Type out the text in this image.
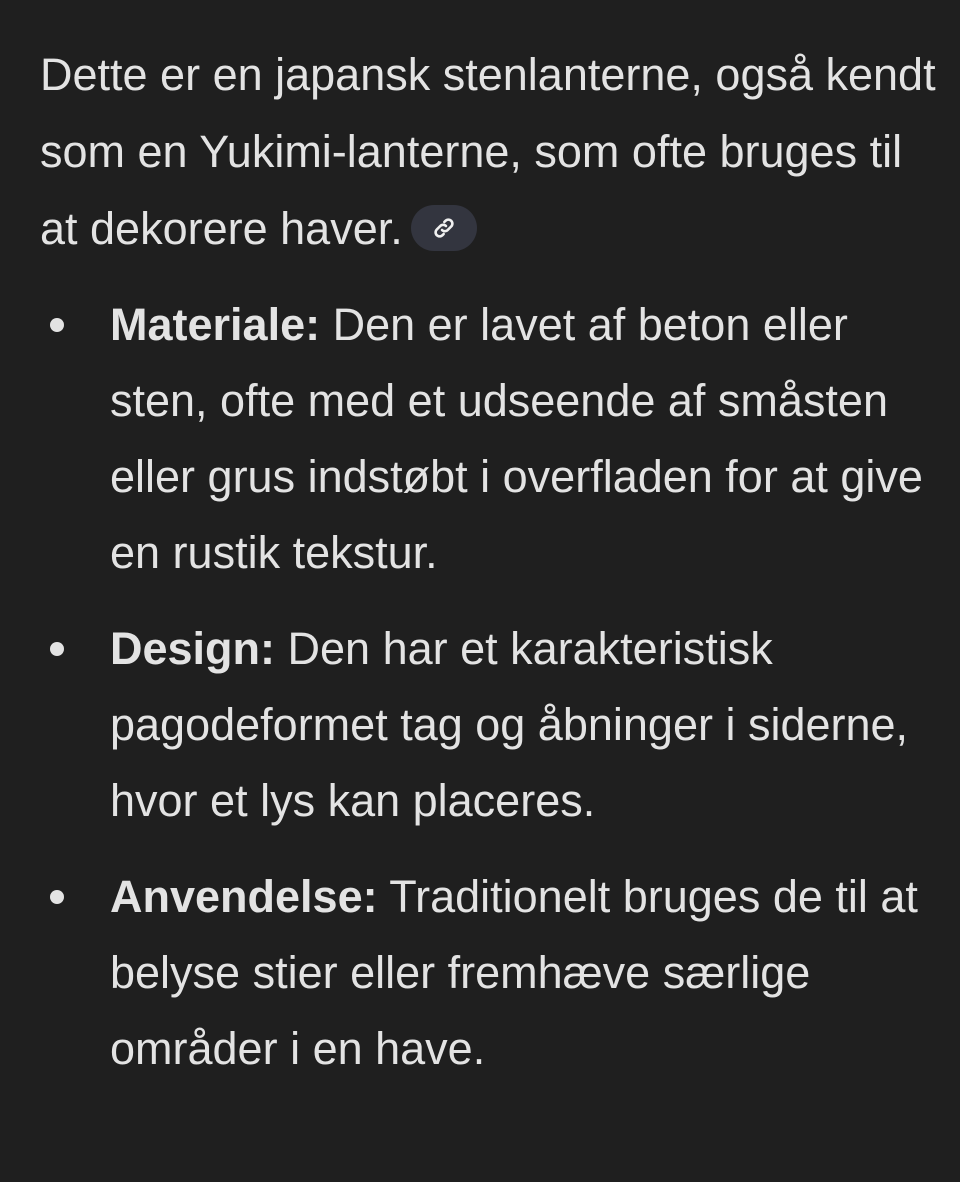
Dette er en japansk stenlanterne, også kendt som en Yukimi-lanterne, som ofte bruges til at dekorere haver.

Materiale: Den er lavet af beton eller sten, ofte med et udseende af småsten eller grus indstøbt i overfladen for at give en rustik tekstur.
Design: Den har et karakteristisk pagodeformet tag og åbninger i siderne, hvor et lys kan placeres.
Anvendelse: Traditionelt bruges de til at belyse stier eller fremhæve særlige områder i en have.
